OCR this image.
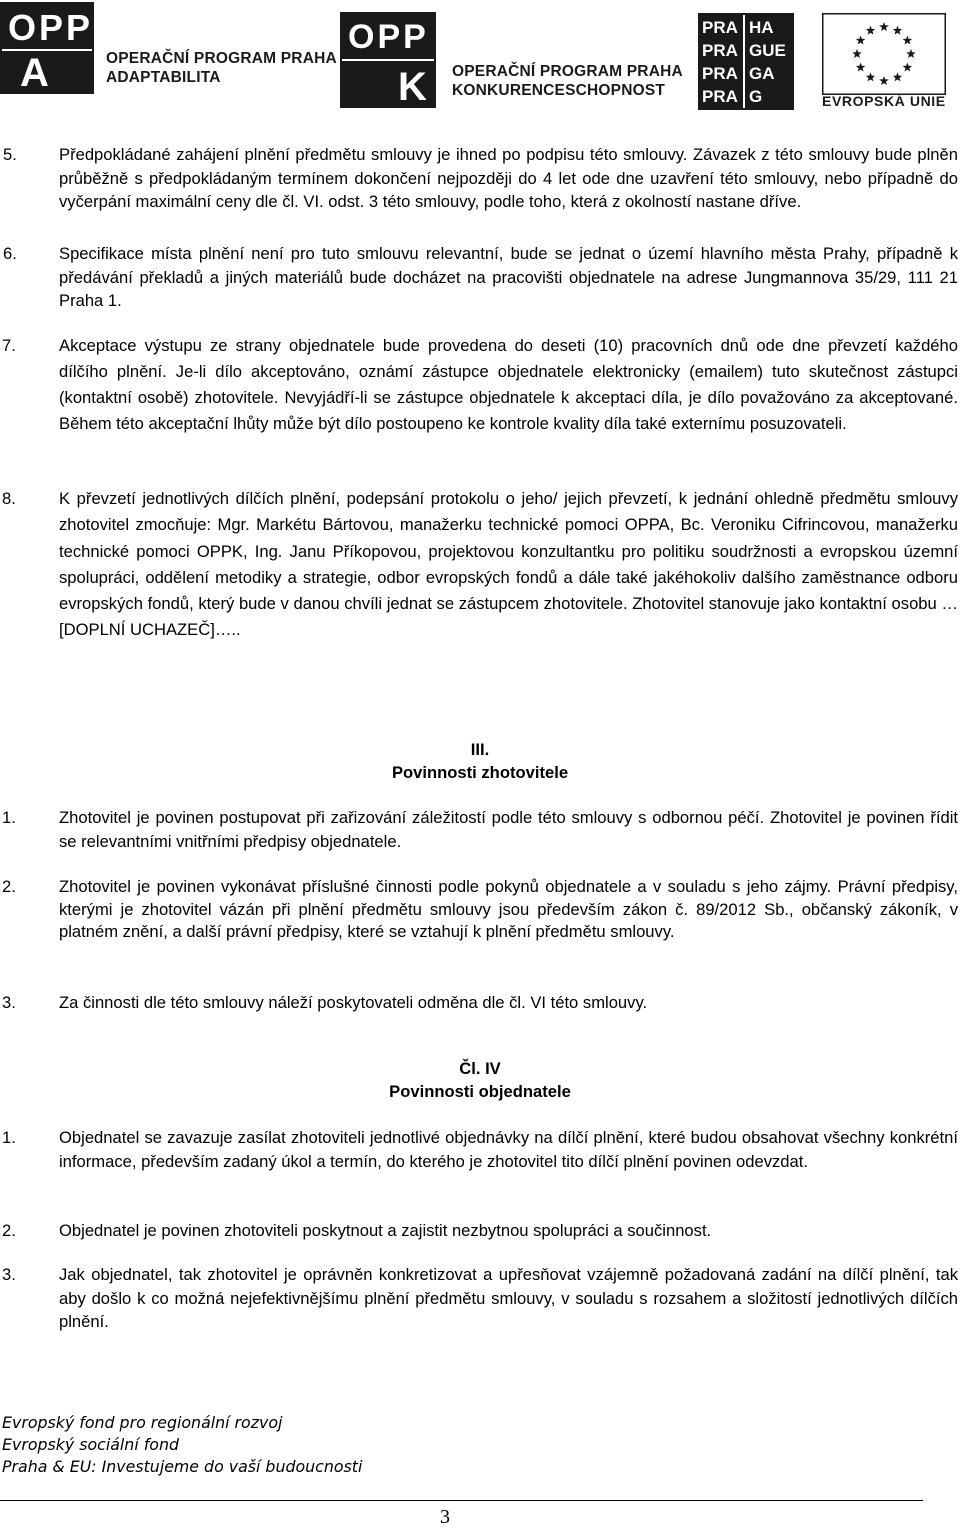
OPP
A	OPERAČNÍ PROGRAM PRAHA
ADAPTABILITA
OPP
K OPERAČNÍ PROGRAM PRAHA
KONKURENCESCHOPNOST
PRA HA
PRA GUE
PRA GA
PRA G	EVROPSKÁ UNIE
5.	Předpokládané zahájení plnění předmětu smlouvy je ihned po podpisu této smlouvy. Závazek z této smlouvy bude plněn průběžně s předpokládaným termínem dokončení nejpozději do 4 let ode dne uzavření této smlouvy, nebo případně do vyčerpání maximální ceny dle čl. VI. odst. 3 této smlouvy, podle toho, která z okolností nastane dříve.
6.	Specifikace místa plnění není pro tuto smlouvu relevantní, bude se jednat o území hlavního města Prahy, případně k předávání překladů a jiných materiálů bude docházet na pracovišti objednatele na adrese Jungmannova 35/29, 111 21 Praha 1.
7.	Akceptace výstupu ze strany objednatele bude provedena do deseti (10) pracovních dnů ode dne převzetí každého dílčího plnění. Je-li dílo akceptováno, oznámí zástupce objednatele elektronicky (emailem) tuto skutečnost zástupci (kontaktní osobě) zhotovitele. Nevyjádří-li se zástupce objednatele k akceptaci díla, je dílo považováno za akceptované. Během této akceptační lhůty může být dílo postoupeno ke kontrole kvality díla také externímu posuzovateli.
8.	K převzetí jednotlivých dílčích plnění, podepsání protokolu o jeho/ jejich převzetí, k jednání ohledně předmětu smlouvy zhotovitel zmocňuje: Mgr. Markétu Bártovou, manažerku technické pomoci OPPA, Bc. Veroniku Cifrincovou, manažerku technické pomoci OPPK, Ing. Janu Příkopovou, projektovou konzultantku pro politiku soudržnosti a evropskou územní spolupráci, oddělení metodiky a strategie, odbor evropských fondů a dále také jakéhokoliv dalšího zaměstnance odboru evropských fondů, který bude v danou chvíli jednat se zástupcem zhotovitele. Zhotovitel stanovuje jako kontaktní osobu …[DOPLNÍ UCHAZEČ]…..
III.
Povinnosti zhotovitele
1.	Zhotovitel je povinen postupovat při zařizování záležitostí podle této smlouvy s odbornou péčí. Zhotovitel je povinen řídit se relevantními vnitřními předpisy objednatele.
2.	Zhotovitel je povinen vykonávat příslušné činnosti podle pokynů objednatele a v souladu s jeho zájmy. Právní předpisy, kterými je zhotovitel vázán při plnění předmětu smlouvy jsou především zákon č. 89/2012 Sb., občanský zákoník, v platném znění, a další právní předpisy, které se vztahují k plnění předmětu smlouvy.
3.	Za činnosti dle této smlouvy náleží poskytovateli odměna dle čl. VI této smlouvy.
Čl. IV
Povinnosti objednatele
1.	Objednatel se zavazuje zasílat zhotoviteli jednotlivé objednávky na dílčí plnění, které budou obsahovat všechny konkrétní informace, především zadaný úkol a termín, do kterého je zhotovitel tito dílčí plnění povinen odevzdat.
2.	Objednatel je povinen zhotoviteli poskytnout a zajistit nezbytnou spolupráci a součinnost.
3.	Jak objednatel, tak zhotovitel je oprávněn konkretizovat a upřesňovat vzájemně požadovaná zadání na dílčí plnění, tak aby došlo k co možná nejefektivnějšímu plnění předmětu smlouvy, v souladu s rozsahem a složitostí jednotlivých dílčích plnění.
Evropský fond pro regionální rozvoj
Evropský sociální fond
Praha & EU: Investujeme do vaší budoucnosti
3
